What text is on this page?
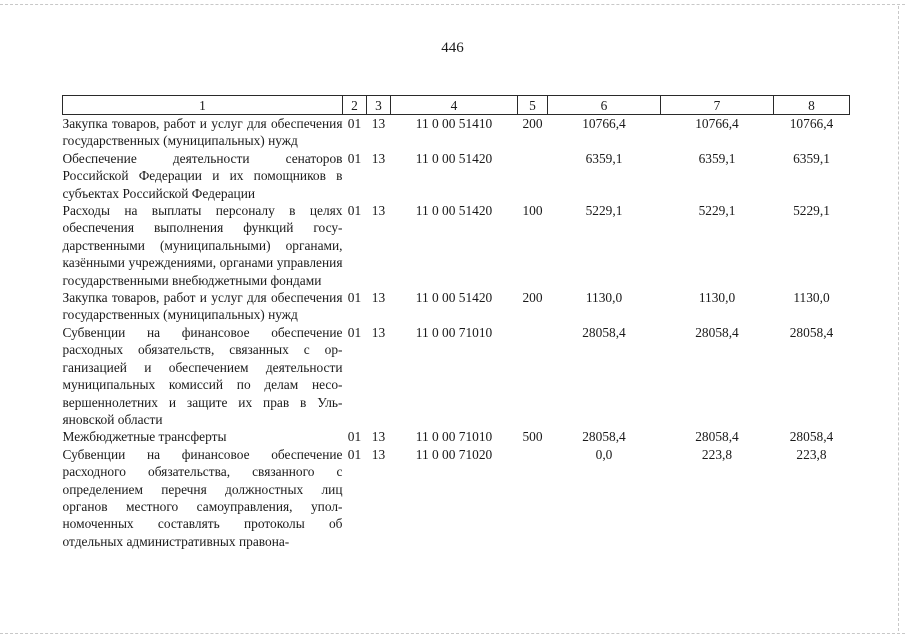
446
1	2	3	4	5	6	7	8
Закупка товаров, работ и услуг для обеспечения государственных (муниципальных) нужд	01	13	11 0 00 51410	200	10766,4	10766,4	10766,4
Обеспечение деятельности сенаторов Российской Федерации и их помощников в субъектах Российской Федерации	01	13	11 0 00 51420		6359,1	6359,1	6359,1
Расходы на выплаты персоналу в целях обеспечения выполнения функций государственными (муниципальными) органами, казёнными учреждениями, органами управления государственными внебюджетными фондами	01	13	11 0 00 51420	100	5229,1	5229,1	5229,1
Закупка товаров, работ и услуг для обеспечения государственных (муниципальных) нужд	01	13	11 0 00 51420	200	1130,0	1130,0	1130,0
Субвенции на финансовое обеспечение расходных обязательств, связанных с организацией и обеспечением деятельности муниципальных комиссий по делам несовершеннолетних и защите их прав в Ульяновской области	01	13	11 0 00 71010		28058,4	28058,4	28058,4
Межбюджетные трансферты	01	13	11 0 00 71010	500	28058,4	28058,4	28058,4
Субвенции на финансовое обеспечение расходного обязательства, связанного с определением перечня должностных лиц органов местного самоуправления, уполномоченных составлять протоколы об отдельных административных правона-	01	13	11 0 00 71020		0,0	223,8	223,8
